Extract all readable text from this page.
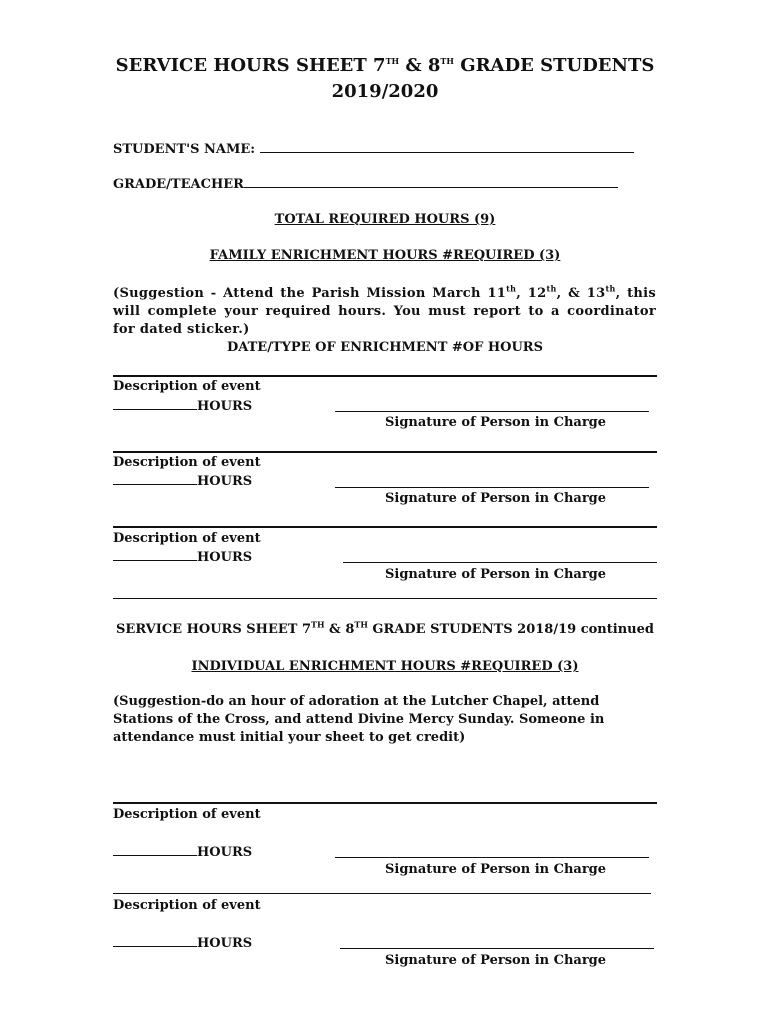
SERVICE HOURS SHEET 7TH & 8TH GRADE STUDENTS
2019/2020
STUDENT'S NAME:
GRADE/TEACHER
TOTAL REQUIRED HOURS (9)
FAMILY ENRICHMENT HOURS #REQUIRED (3)
(Suggestion - Attend the Parish Mission March 11th, 12th, & 13th, this will complete your required hours. You must report to a coordinator for dated sticker.)
DATE/TYPE OF ENRICHMENT #OF HOURS
Description of event
HOURS
Signature of Person in Charge
Description of event
HOURS
Signature of Person in Charge
Description of event
HOURS
Signature of Person in Charge
SERVICE HOURS SHEET 7TH & 8TH GRADE STUDENTS 2018/19 continued
INDIVIDUAL ENRICHMENT HOURS #REQUIRED (3)
(Suggestion-do an hour of adoration at the Lutcher Chapel, attend Stations of the Cross, and attend Divine Mercy Sunday. Someone in attendance must initial your sheet to get credit)
Description of event
HOURS
Signature of Person in Charge
Description of event
HOURS
Signature of Person in Charge
